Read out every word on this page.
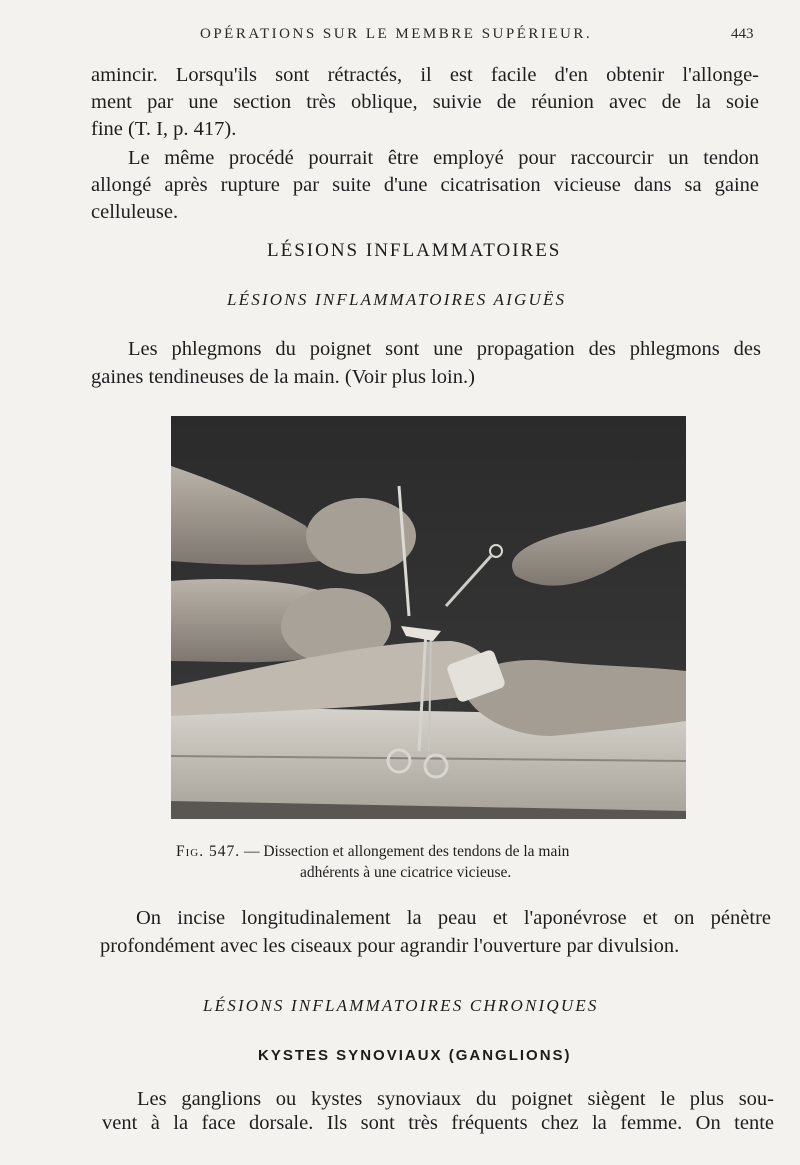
OPÉRATIONS SUR LE MEMBRE SUPÉRIEUR.	443
amincir. Lorsqu'ils sont rétractés, il est facile d'en obtenir l'allonge-
ment par une section très oblique, suivie de réunion avec de la soie
fine (T. I, p. 417).
Le même procédé pourrait être employé pour raccourcir un tendon
allongé après rupture par suite d'une cicatrisation vicieuse dans sa gaine
celluleuse.
LÉSIONS INFLAMMATOIRES
LÉSIONS INFLAMMATOIRES AIGUËS
Les phlegmons du poignet sont une propagation des phlegmons des
gaines tendineuses de la main. (Voir plus loin.)
Fig. 547. — Dissection et allongement des tendons de la main
adhérents à une cicatrice vicieuse.
On incise longitudinalement la peau et l'aponévrose et on pénètre
profondément avec les ciseaux pour agrandir l'ouverture par divulsion.
LÉSIONS INFLAMMATOIRES CHRONIQUES
KYSTES SYNOVIAUX (GANGLIONS)
Les ganglions ou kystes synoviaux du poignet siègent le plus sou-
vent à la face dorsale. Ils sont très fréquents chez la femme. On tente
